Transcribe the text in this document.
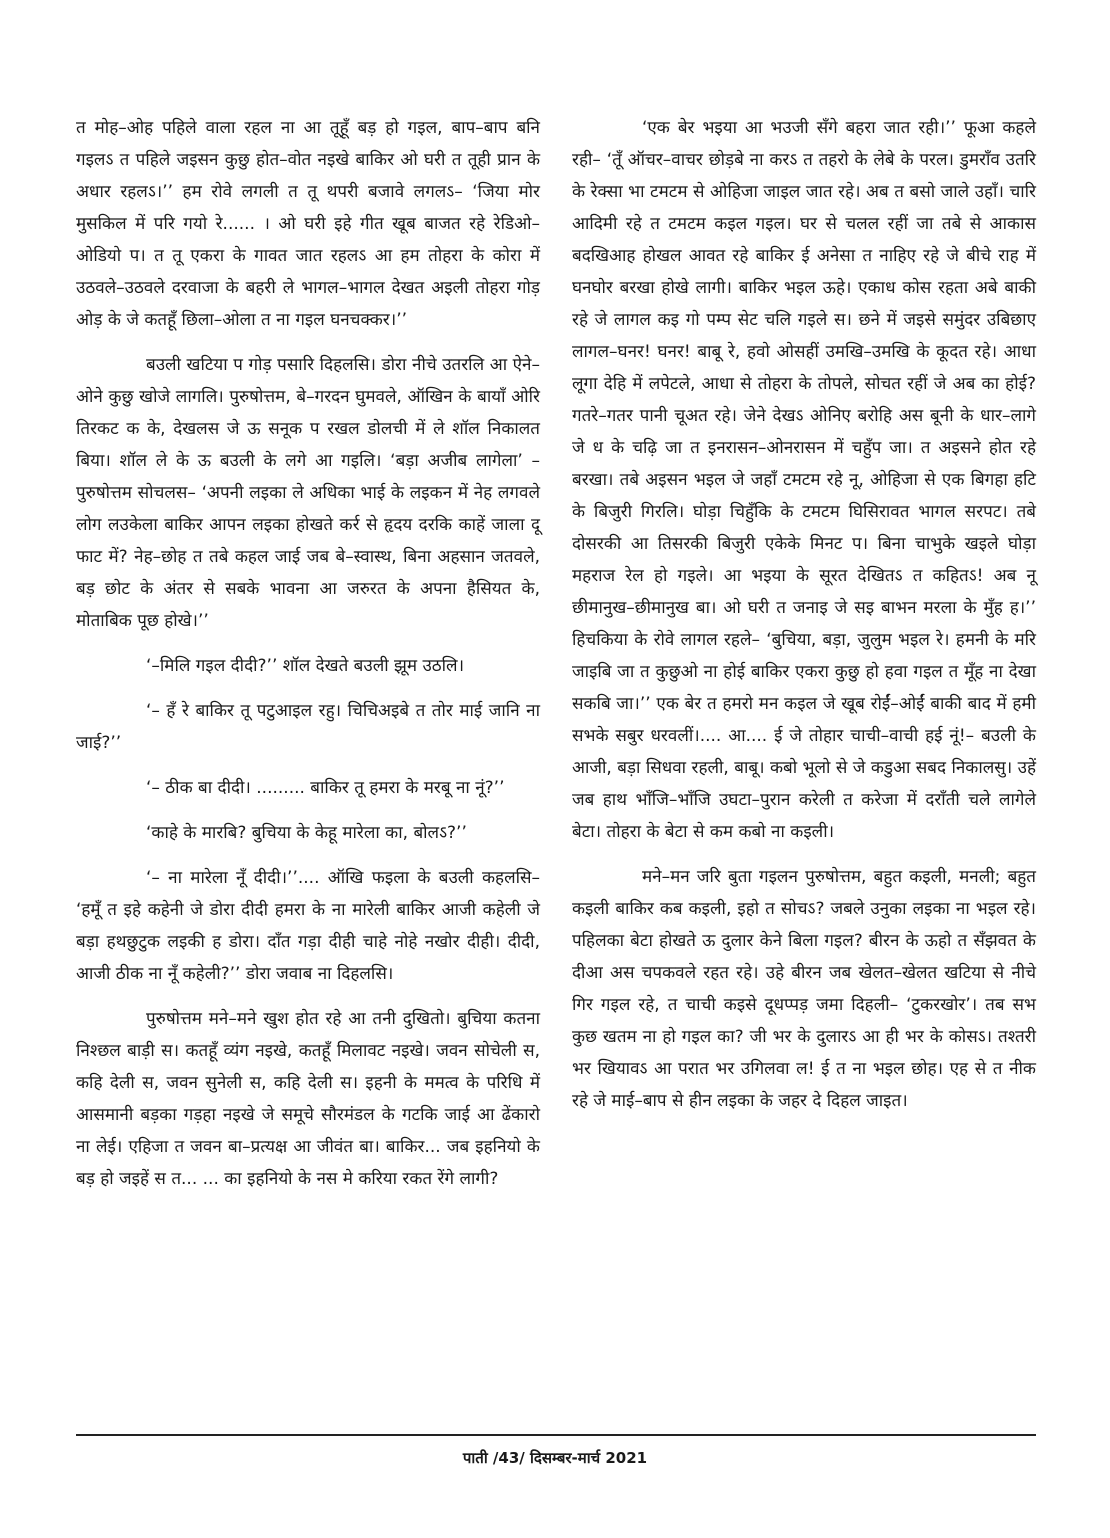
त मोह–ओह पहिले वाला रहल ना आ तूहूँ बड़ हो गइल, बाप–बाप बनि गइलऽ त पहिले जइसन कुछु होत–वोत नइखे बाकिर ओ घरी त तूही प्रान के अधार रहलऽ।’’ हम रोवे लगली त तू थपरी बजावे लगलऽ– ‘जिया मोर मुसकिल में परि गयो रे...... । ओ घरी इहे गीत खूब बाजत रहे रेडिओ–ओडियो प। त तू एकरा के गावत जात रहलऽ आ हम तोहरा के कोरा में उठवले–उठवले दरवाजा के बहरी ले भागल–भागल देखत अइली तोहरा गोड़ ओड़ के जे कतहूँ छिला–ओला त ना गइल घनचक्कर।’’

बउली खटिया प गोड़ पसारि दिहलसि। डोरा नीचे उतरलि आ ऐने–ओने कुछु खोजे लागलि। पुरुषोत्तम, बे–गरदन घुमवले, ऑखिन के बायाँ ओरि तिरकट क के, देखलस जे ऊ सनूक प रखल डोलची में ले शॉल निकालत बिया। शॉल ले के ऊ बउली के लगे आ गइलि। ‘बड़ा अजीब लागेला’ – पुरुषोत्तम सोचलस– ‘अपनी लइका ले अधिका भाई के लइकन में नेह लगवले लोग लउकेला बाकिर आपन लइका होखते कर्र से हृदय दरकि काहें जाला दू फाट में? नेह–छोह त तबे कहल जाई जब बे–स्वास्थ, बिना अहसान जतवले, बड़ छोट के अंतर से सबके भावना आ जरुरत के अपना हैसियत के, मोताबिक पूछ होखे।’’

‘–मिलि गइल दीदी?’’ शॉल देखते बउली झूम उठलि।

‘– हँ रे बाकिर तू पटुआइल रहु। चिचिअइबे त तोर माई जानि ना जाई?’’

‘– ठीक बा दीदी। ......... बाकिर तू हमरा के मरबू ना नूं?’’

‘काहे के मारबि? बुचिया के केहू मारेला का, बोलऽ?’’

‘– ना मारेला नूँ दीदी।’’.... ऑखि फइला के बउली कहलसि– ‘हमूँ त इहे कहेनी जे डोरा दीदी हमरा के ना मारेली बाकिर आजी कहेली जे बड़ा हथछुटुक लइकी ह डोरा। दाँत गड़ा दीही चाहे नोहे नखोर दीही। दीदी, आजी ठीक ना नूँ कहेली?’’ डोरा जवाब ना दिहलसि।

पुरुषोत्तम मने–मने खुश होत रहे आ तनी दुखितो। बुचिया कतना निश्छल बाड़ी स। कतहूँ व्यंग नइखे, कतहूँ मिलावट नइखे। जवन सोचेली स, कहि देली स, जवन सुनेली स, कहि देली स। इहनी के ममत्व के परिधि में आसमानी बड़का गड़हा नइखे जे समूचे सौरमंडल के गटकि जाई आ ढेंकारो ना लेई। एहिजा त जवन बा–प्रत्यक्ष आ जीवंत बा। बाकिर... जब इहनियो के बड़ हो जइहें स त... ... का इहनियो के नस मे करिया रकत रेंगे लागी?

‘एक बेर भइया आ भउजी सँगे बहरा जात रही।’’ फूआ कहले रही– ‘तूँ ऑचर–वाचर छोड़बे ना करऽ त तहरो के लेबे के परल। डुमराँव उतरि के रेक्सा भा टमटम से ओहिजा जाइल जात रहे। अब त बसो जाले उहाँ। चारि आदिमी रहे त टमटम कइल गइल। घर से चलल रहीं जा तबे से आकास बदखिआह होखल आवत रहे बाकिर ई अनेसा त नाहिए रहे जे बीचे राह में घनघोर बरखा होखे लागी। बाकिर भइल ऊहे। एकाध कोस रहता अबे बाकी रहे जे लागल कइ गो पम्प सेट चलि गइले स। छने में जइसे समुंदर उबिछाए लागल–घनर! घनर! बाबू रे, हवो ओसहीं उमखि–उमखि के कूदत रहे। आधा लूगा देहि में लपेटले, आधा से तोहरा के तोपले, सोचत रहीं जे अब का होई? गतरे–गतर पानी चूअत रहे। जेने देखऽ ओनिए बरोहि अस बूनी के धार–लागे जे ध के चढ़ि जा त इनरासन–ओनरासन में चहुँप जा। त अइसने होत रहे बरखा। तबे अइसन भइल जे जहाँ टमटम रहे नू, ओहिजा से एक बिगहा हटि के बिजुरी गिरलि। घोड़ा चिहुँकि के टमटम घिसिरावत भागल सरपट। तबे दोसरकी आ तिसरकी बिजुरी एकेके मिनट प। बिना चाभुके खइले घोड़ा महराज रेल हो गइले। आ भइया के सूरत देखितऽ त कहितऽ! अब नू छीमानुख–छीमानुख बा। ओ घरी त जनाइ जे सइ बाभन मरला के मुँह ह।’’ हिचकिया के रोवे लागल रहले– ‘बुचिया, बड़ा, जुलुम भइल रे। हमनी के मरि जाइबि जा त कुछुओ ना होई बाकिर एकरा कुछु हो हवा गइल त मूँह ना देखा सकबि जा।’’ एक बेर त हमरो मन कइल जे खूब रोईं–ओईं बाकी बाद में हमी सभके सबुर धरवलीं।.... आ.... ई जे तोहार चाची–वाची हई नूं!– बउली के आजी, बड़ा सिधवा रहली, बाबू। कबो भूलो से जे कडुआ सबद निकालसु। उहें जब हाथ भाँजि–भाँजि उघटा–पुरान करेली त करेजा में दराँती चले लागेले बेटा। तोहरा के बेटा से कम कबो ना कइली।

मने–मन जरि बुता गइलन पुरुषोत्तम, बहुत कइली, मनली; बहुत कइली बाकिर कब कइली, इहो त सोचऽ? जबले उनुका लइका ना भइल रहे। पहिलका बेटा होखते ऊ दुलार केने बिला गइल? बीरन के ऊहो त सँझवत के दीआ अस चपकवले रहत रहे। उहे बीरन जब खेलत–खेलत खटिया से नीचे गिर गइल रहे, त चाची कइसे दूधप्पड़ जमा दिहली– ‘टुकरखोर’। तब सभ कुछ खतम ना हो गइल का? जी भर के दुलारऽ आ ही भर के कोसऽ। तश्तरी भर खियावऽ आ परात भर उगिलवा ल! ई त ना भइल छोह। एह से त नीक रहे जे माई–बाप से हीन लइका के जहर दे दिहल जाइत।

पाती /43/ दिसम्बर-मार्च 2021
